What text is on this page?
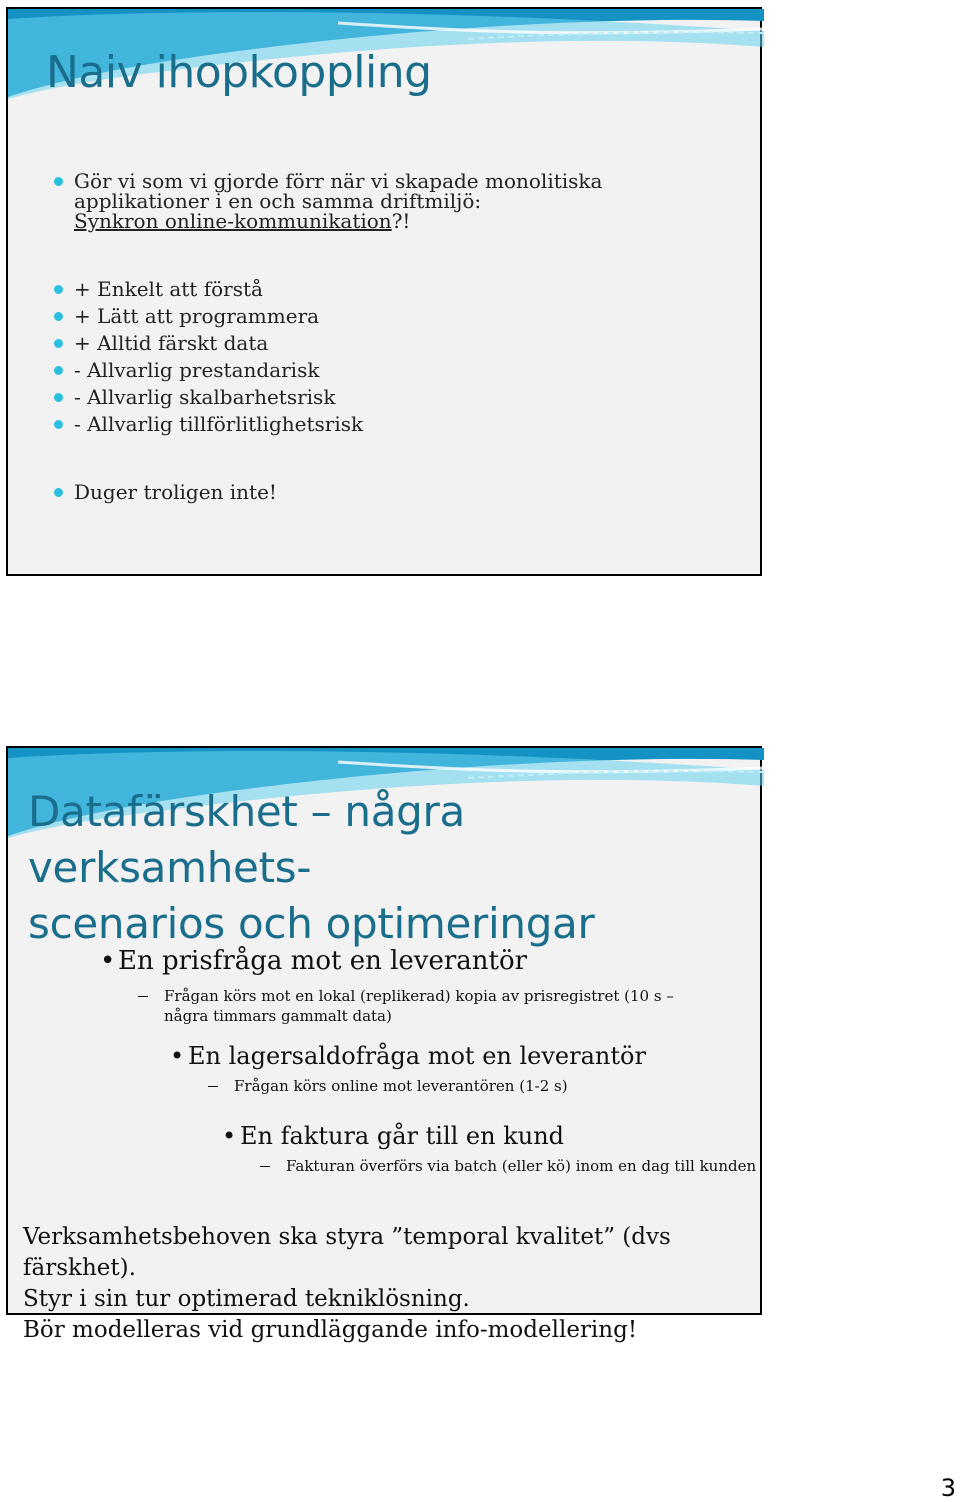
Naiv ihopkoppling

Gör vi som vi gjorde förr när vi skapade monolitiska
applikationer i en och samma driftmiljö:
Synkron online-kommunikation?!

+ Enkelt att förstå

+ Lätt att programmera

+ Alltid färskt data

- Allvarlig prestandarisk

- Allvarlig skalbarhetsrisk

- Allvarlig tillförlitlighetsrisk

Duger troligen inte!

Datafärskhet – några verksamhets-
scenarios och optimeringar

• En prisfråga mot en leverantör

Frågan körs mot en lokal (replikerad) kopia av prisregistret (10 s –
några timmars gammalt data)

• En lagersaldofråga mot en leverantör

Frågan körs online mot leverantören (1-2 s)

• En faktura går till en kund

Fakturan överförs via batch (eller kö) inom en dag till kunden

Verksamhetsbehoven ska styra ”temporal kvalitet” (dvs färskhet).
Styr i sin tur optimerad tekniklösning.
Bör modelleras vid grundläggande info-modellering!

3
